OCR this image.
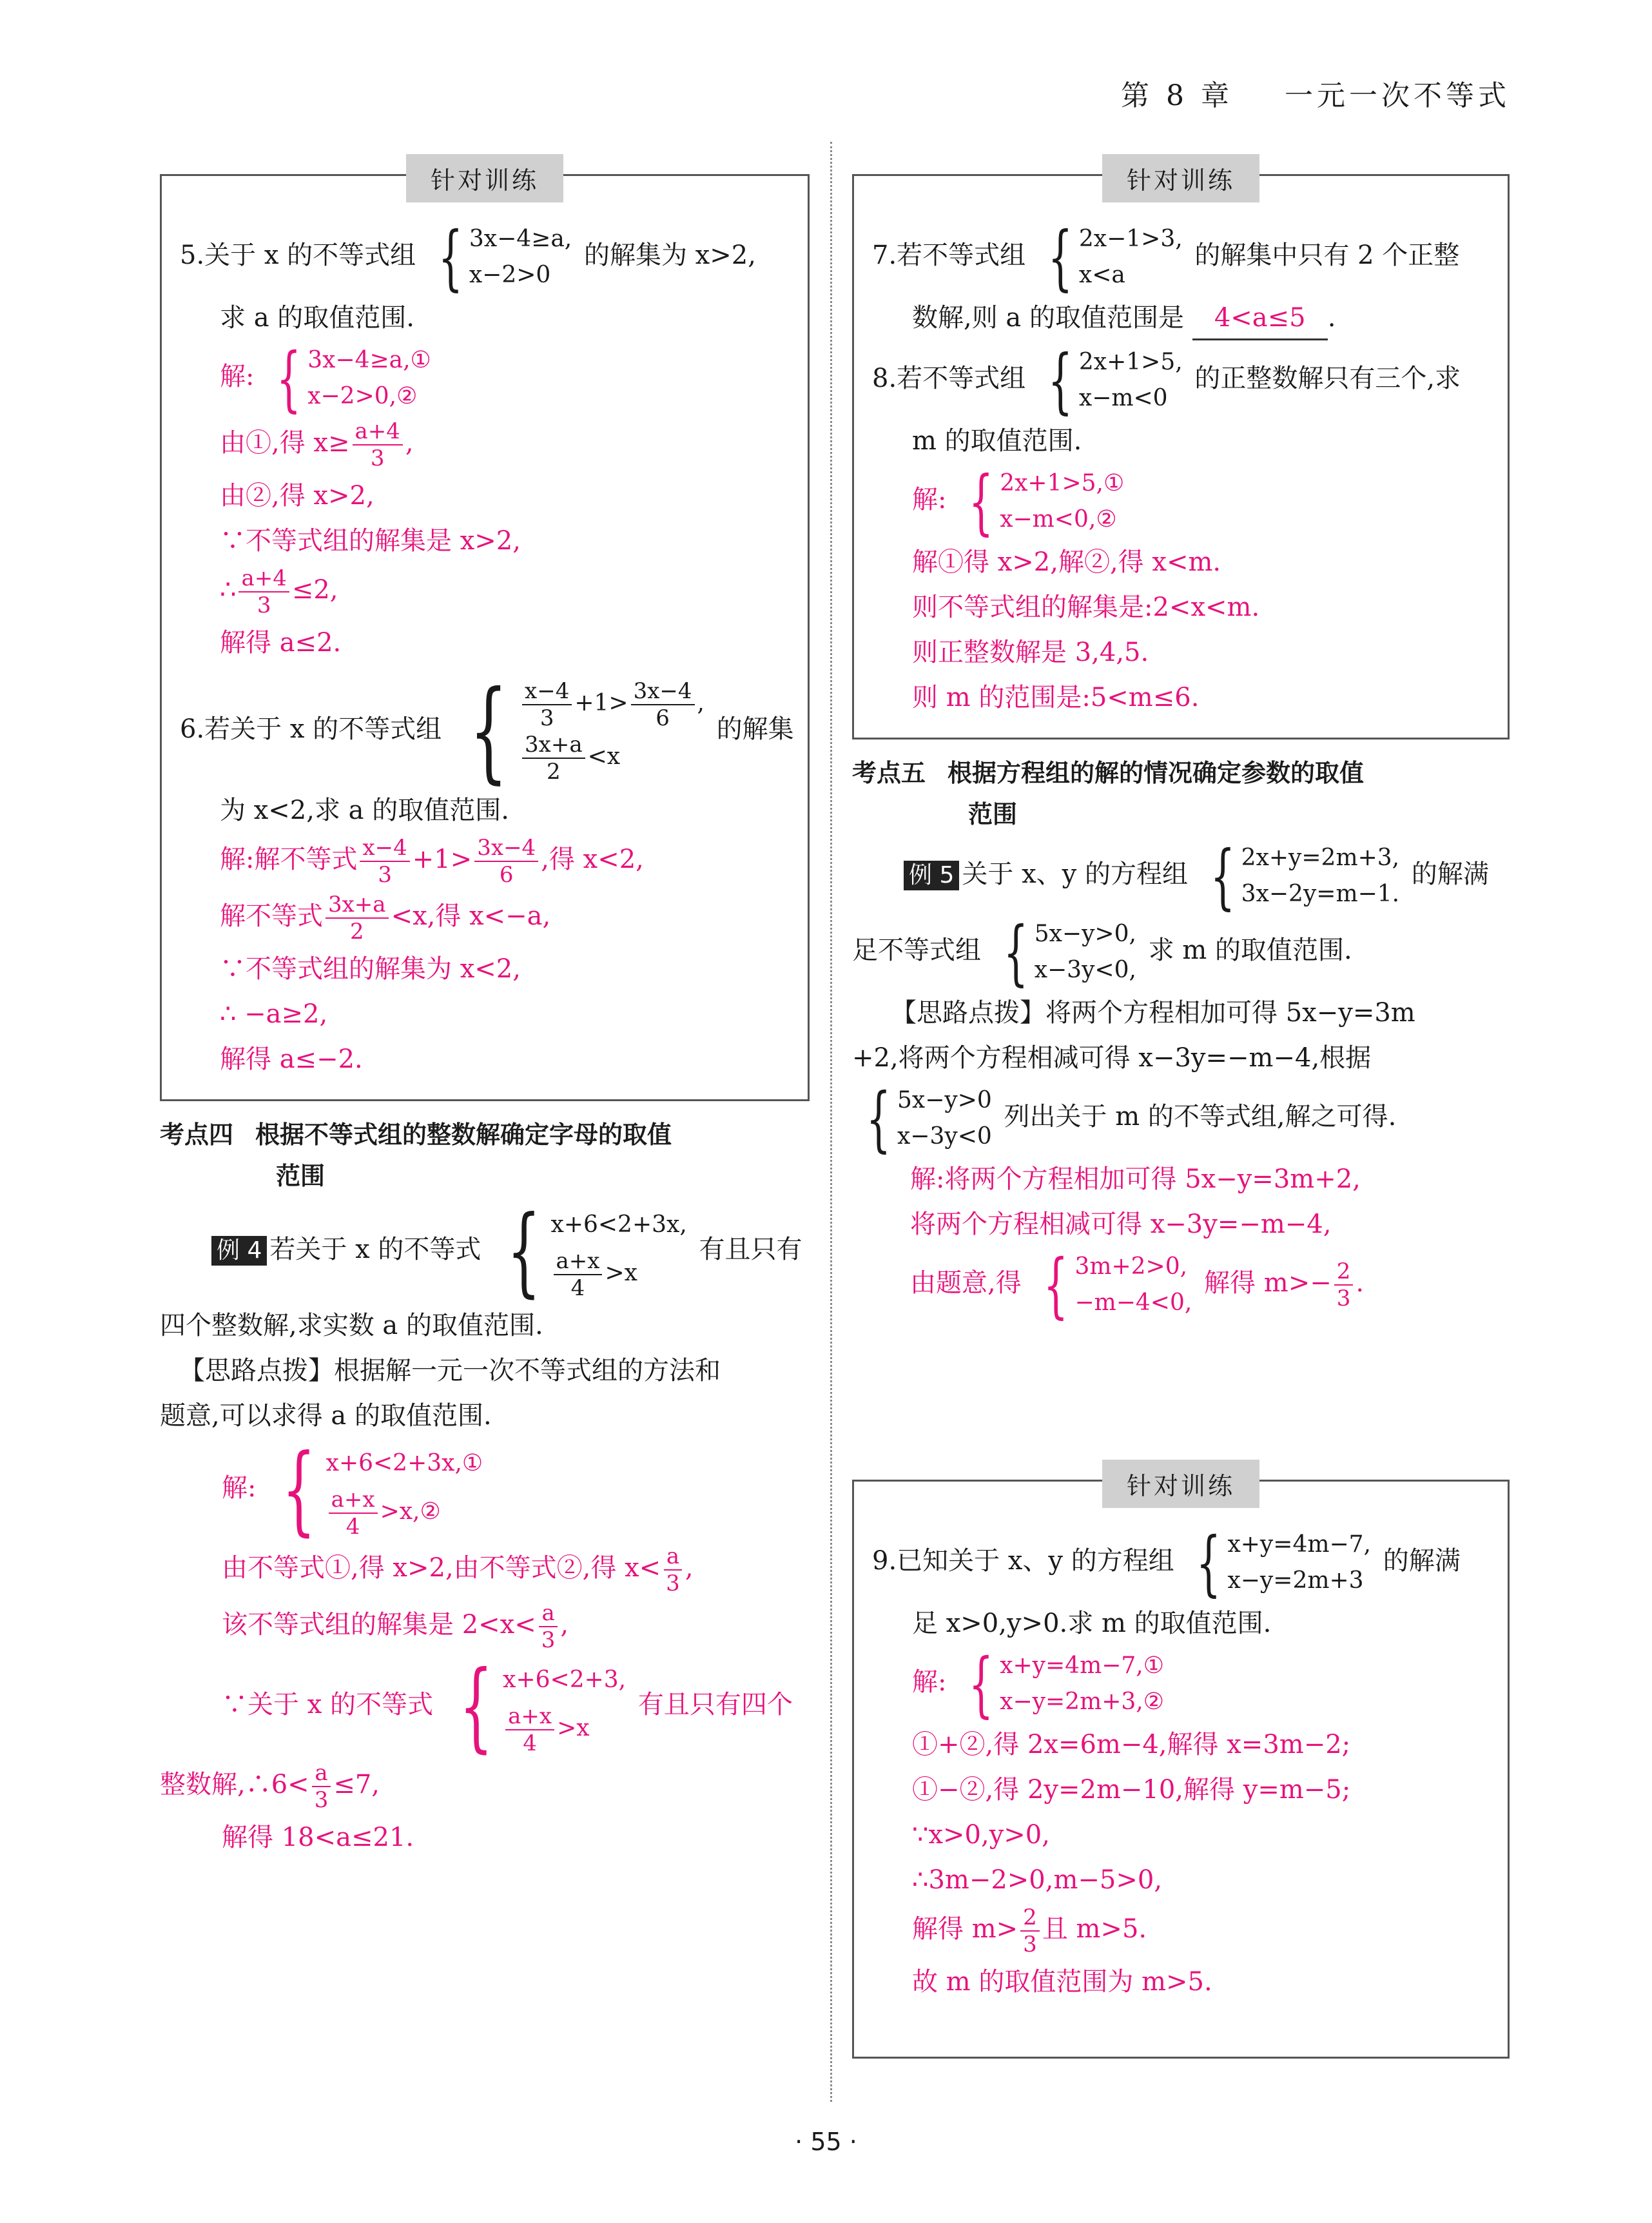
第 8 章 一元一次不等式
针对训练
5.关于 x 的不等式组 { 3x−4≥a,
x−2>0
的解集为 x>2,
求 a 的取值范围.
解: { 3x−4≥a,①
x−2>0,②
由①,得 $x\ge \frac{a+4}{3}$ ,
由②,得 x>2,
∵不等式组的解集是 x>2,
∴ $\frac{a+4}{3} \le 2$,
解得 a≤2.
6.若关于 x 的不等式组 { $\frac{x-4}{3} +1> \frac{3x-4}{6}$ ,
$\frac{3x+a}{2} <x$
的解集
为 x<2,求 a 的取值范围.
解:解不等式 $\frac{x-4}{3} +1> \frac{3x-4}{6}$ ,得 x<2,
解不等式 $\frac{3x+a}{2} <x$,得 x<−a,
∵不等式组的解集为 x<2,
∴ −a≥2,
解得 a≤−2.
考点四 根据不等式组的整数解确定字母的取值
范围
例 4 若关于 x 的不等式 { x+6<2+3x,
$\frac{a+x}{4} >x$
有且只有
四个整数解,求实数 a 的取值范围.
【思路点拨】根据解一元一次不等式组的方法和
题意,可以求得 a 的取值范围.
解: { x+6<2+3x,①
$\frac{a+x}{4}$ >x,②
由不等式①,得 x>2,由不等式②,得 $x< \frac{a}{3}$ ,
该不等式组的解集是 $2<x< \frac{a}{3}$ ,
∵关于 x 的不等式 { x+6<2+3,
$\frac{a+x}{4} >x$
有且只有四个
整数解,∴6< $\frac{a}{3} \le 7$,
解得 18<a≤21.
针对训练
7.若不等式组 { 2x−1>3,
x<a
的解集中只有 2 个正整
数解,则 a 的取值范围是 4<a≤5 .
8.若不等式组 { 2x+1>5,
x−m<0
的正整数解只有三个,求
m 的取值范围.
解: { 2x+1>5,①
x−m<0,②
解①得 x>2,解②,得 x<m.
则不等式组的解集是:2<x<m.
则正整数解是 3,4,5.
则 m 的范围是:5<m≤6.
考点五 根据方程组的解的情况确定参数的取值
范围
例 5 关于 x、y 的方程组 { 2x+y=2m+3,
3x−2y=m−1.
的解满
足不等式组 { 5x−y>0,
x−3y<0,
求 m 的取值范围.
【思路点拨】将两个方程相加可得 5x−y=3m
+2,将两个方程相减可得 x−3y=−m−4,根据
{ 5x−y>0
x−3y<0
列出关于 m 的不等式组,解之可得.
解:将两个方程相加可得 5x−y=3m+2,
将两个方程相减可得 x−3y=−m−4,
由题意,得 { 3m+2>0,
−m−4<0,
解得 $m>- \frac{2}{3}$ .
针对训练
9.已知关于 x、y 的方程组 { x+y=4m−7,
x−y=2m+3
的解满
足 x>0,y>0.求 m 的取值范围.
解: { x+y=4m−7,①
x−y=2m+3,②
①+②,得 2x=6m−4,解得 x=3m−2;
①−②,得 2y=2m−10,解得 y=m−5;
∵x>0,y>0,
∴3m−2>0,m−5>0,
解得 $m> \frac{2}{3}$ 且 m>5.
故 m 的取值范围为 m>5.
· 55 ·
